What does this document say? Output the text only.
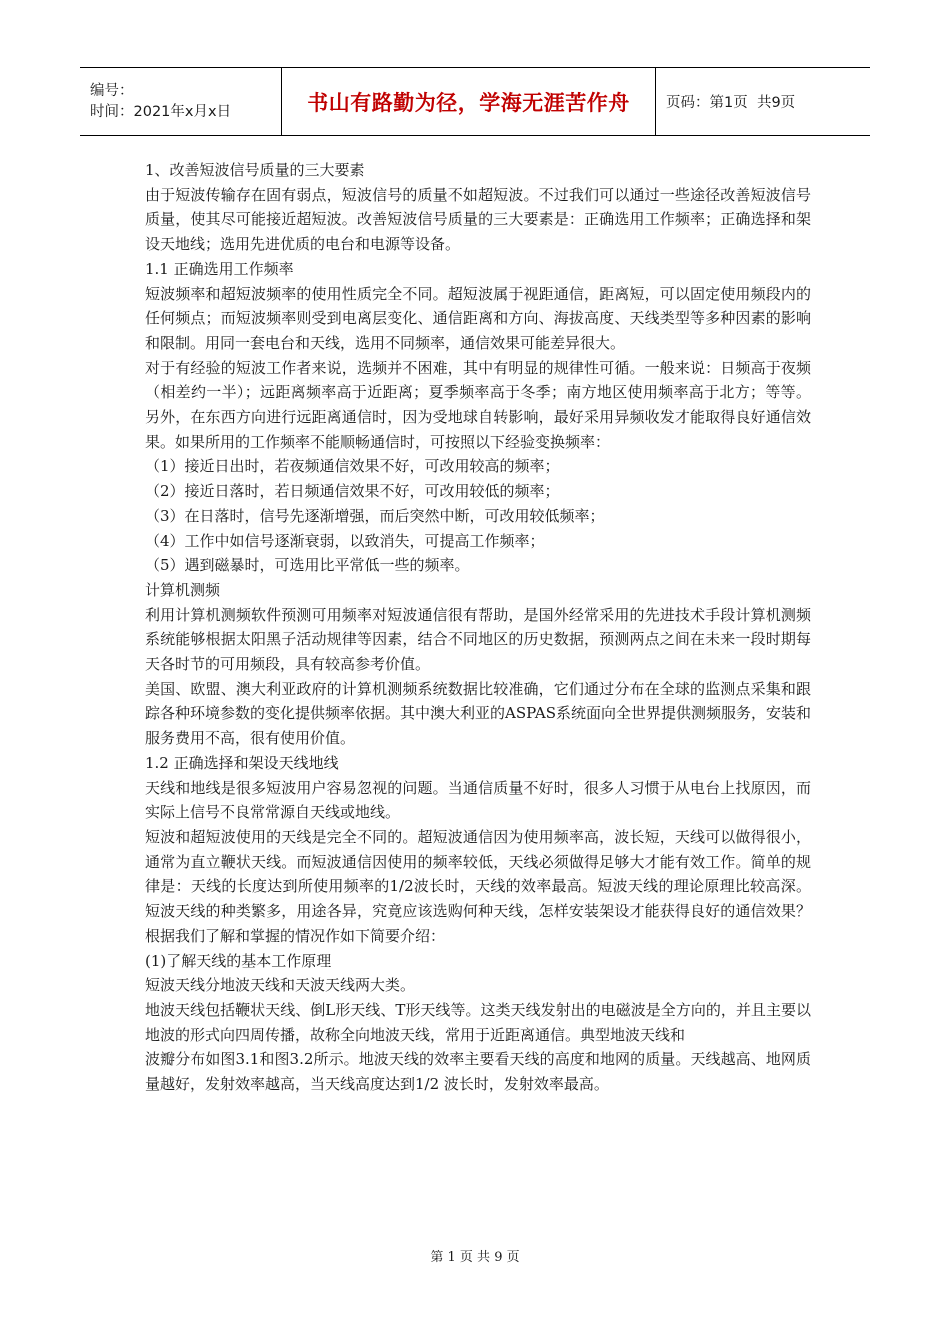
编号：
时间：2021年x月x日	书山有路勤为径，学海无涯苦作舟	页码：第1页  共9页

1、改善短波信号质量的三大要素

由于短波传输存在固有弱点，短波信号的质量不如超短波。不过我们可以通过一些途径改善短波信号质量，使其尽可能接近超短波。改善短波信号质量的三大要素是：正确选用工作频率；正确选择和架设天地线；选用先进优质的电台和电源等设备。

1.1 正确选用工作频率

短波频率和超短波频率的使用性质完全不同。超短波属于视距通信，距离短，可以固定使用频段内的任何频点；而短波频率则受到电离层变化、通信距离和方向、海拔高度、天线类型等多种因素的影响和限制。用同一套电台和天线，选用不同频率，通信效果可能差异很大。

对于有经验的短波工作者来说，选频并不困难，其中有明显的规律性可循。一般来说：日频高于夜频（相差约一半）；远距离频率高于近距离；夏季频率高于冬季；南方地区使用频率高于北方；等等。另外，在东西方向进行远距离通信时，因为受地球自转影响，最好采用异频收发才能取得良好通信效果。如果所用的工作频率不能顺畅通信时，可按照以下经验变换频率：

（1）接近日出时，若夜频通信效果不好，可改用较高的频率；

（2）接近日落时，若日频通信效果不好，可改用较低的频率；

（3）在日落时，信号先逐渐增强，而后突然中断，可改用较低频率；

（4）工作中如信号逐渐衰弱，以致消失，可提高工作频率；

（5）遇到磁暴时，可选用比平常低一些的频率。

计算机测频

利用计算机测频软件预测可用频率对短波通信很有帮助，是国外经常采用的先进技术手段计算机测频系统能够根据太阳黑子活动规律等因素，结合不同地区的历史数据，预测两点之间在未来一段时期每天各时节的可用频段，具有较高参考价值。

美国、欧盟、澳大利亚政府的计算机测频系统数据比较准确，它们通过分布在全球的监测点采集和跟踪各种环境参数的变化提供频率依据。其中澳大利亚的ASPAS系统面向全世界提供测频服务，安装和服务费用不高，很有使用价值。

1.2 正确选择和架设天线地线

天线和地线是很多短波用户容易忽视的问题。当通信质量不好时，很多人习惯于从电台上找原因，而实际上信号不良常常源自天线或地线。

短波和超短波使用的天线是完全不同的。超短波通信因为使用频率高，波长短，天线可以做得很小，通常为直立鞭状天线。而短波通信因使用的频率较低，天线必须做得足够大才能有效工作。简单的规律是：天线的长度达到所使用频率的1/2波长时，天线的效率最高。短波天线的理论原理比较高深。短波天线的种类繁多，用途各异，究竟应该选购何种天线，怎样安装架设才能获得良好的通信效果？根据我们了解和掌握的情况作如下简要介绍：

(1)了解天线的基本工作原理

短波天线分地波天线和天波天线两大类。

地波天线包括鞭状天线、倒L形天线、T形天线等。这类天线发射出的电磁波是全方向的，并且主要以地波的形式向四周传播，故称全向地波天线，常用于近距离通信。典型地波天线和

波瓣分布如图3.1和图3.2所示。地波天线的效率主要看天线的高度和地网的质量。天线越高、地网质量越好，发射效率越高，当天线高度达到1/2 波长时，发射效率最高。

第 1 页 共 9 页
